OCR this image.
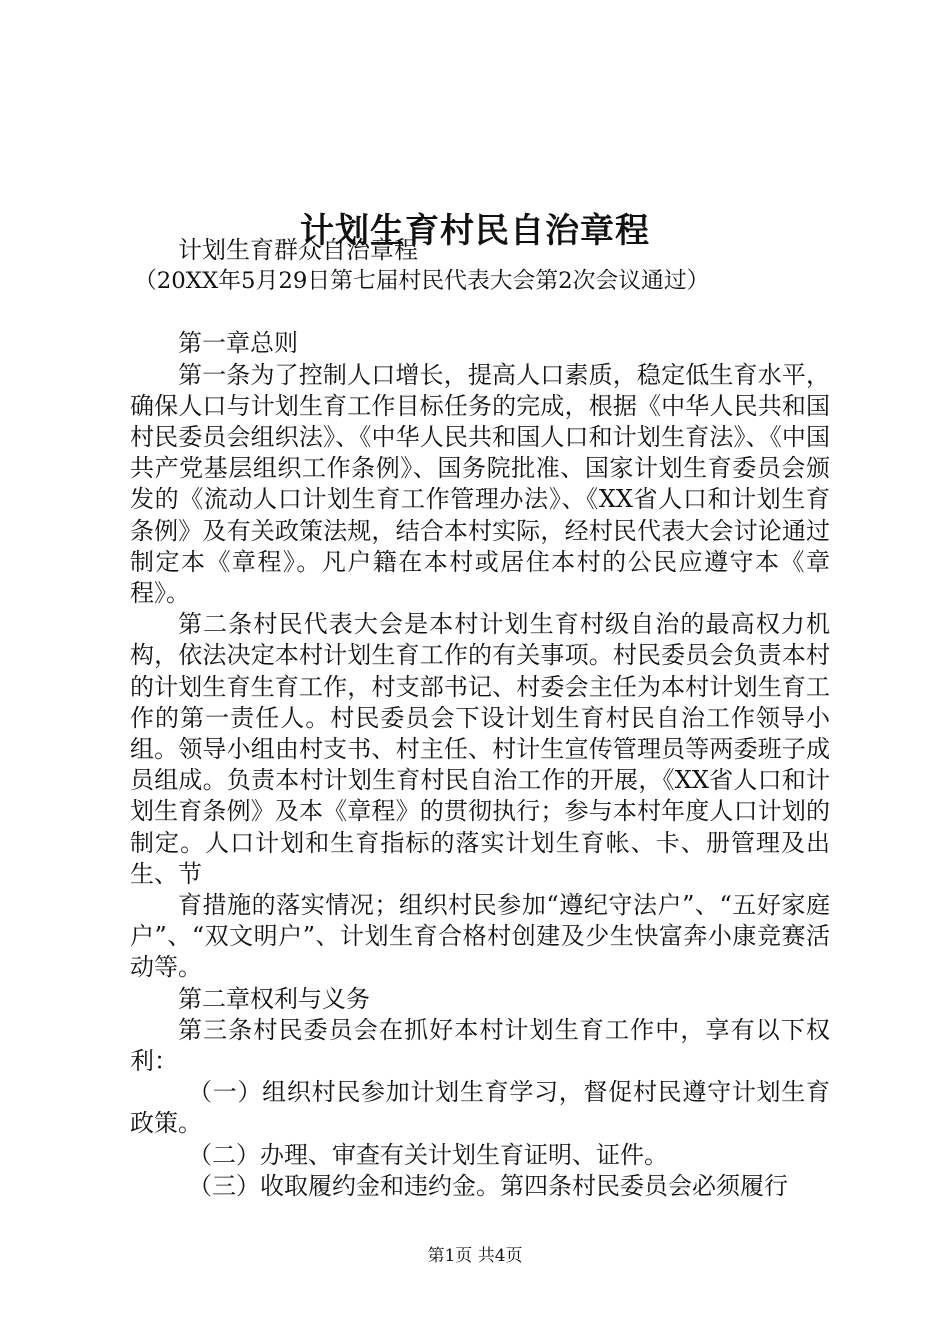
计划生育村民自治章程

计划生育群众自治章程

（20XX年5月29日第七届村民代表大会第2次会议通过）

第一章总则

第一条为了控制人口增长，提高人口素质，稳定低生育水平，确保人口与计划生育工作目标任务的完成，根据《中华人民共和国村民委员会组织法》、《中华人民共和国人口和计划生育法》、《中国共产党基层组织工作条例》、国务院批准、国家计划生育委员会颁发的《流动人口计划生育工作管理办法》、《XX省人口和计划生育条例》及有关政策法规，结合本村实际，经村民代表大会讨论通过制定本《章程》。凡户籍在本村或居住本村的公民应遵守本《章程》。

第二条村民代表大会是本村计划生育村级自治的最高权力机构，依法决定本村计划生育工作的有关事项。村民委员会负责本村的计划生育生育工作，村支部书记、村委会主任为本村计划生育工作的第一责任人。村民委员会下设计划生育村民自治工作领导小组。领导小组由村支书、村主任、村计生宣传管理员等两委班子成员组成。负责本村计划生育村民自治工作的开展，《XX省人口和计划生育条例》及本《章程》的贯彻执行；参与本村年度人口计划的制定。人口计划和生育指标的落实计划生育帐、卡、册管理及出生、节

育措施的落实情况；组织村民参加“遵纪守法户”、“五好家庭户”、“双文明户”、计划生育合格村创建及少生快富奔小康竞赛活动等。

第二章权利与义务

第三条村民委员会在抓好本村计划生育工作中，享有以下权利：

（一）组织村民参加计划生育学习，督促村民遵守计划生育政策。

（二）办理、审查有关计划生育证明、证件。

（三）收取履约金和违约金。第四条村民委员会必须履行

第1页 共4页
